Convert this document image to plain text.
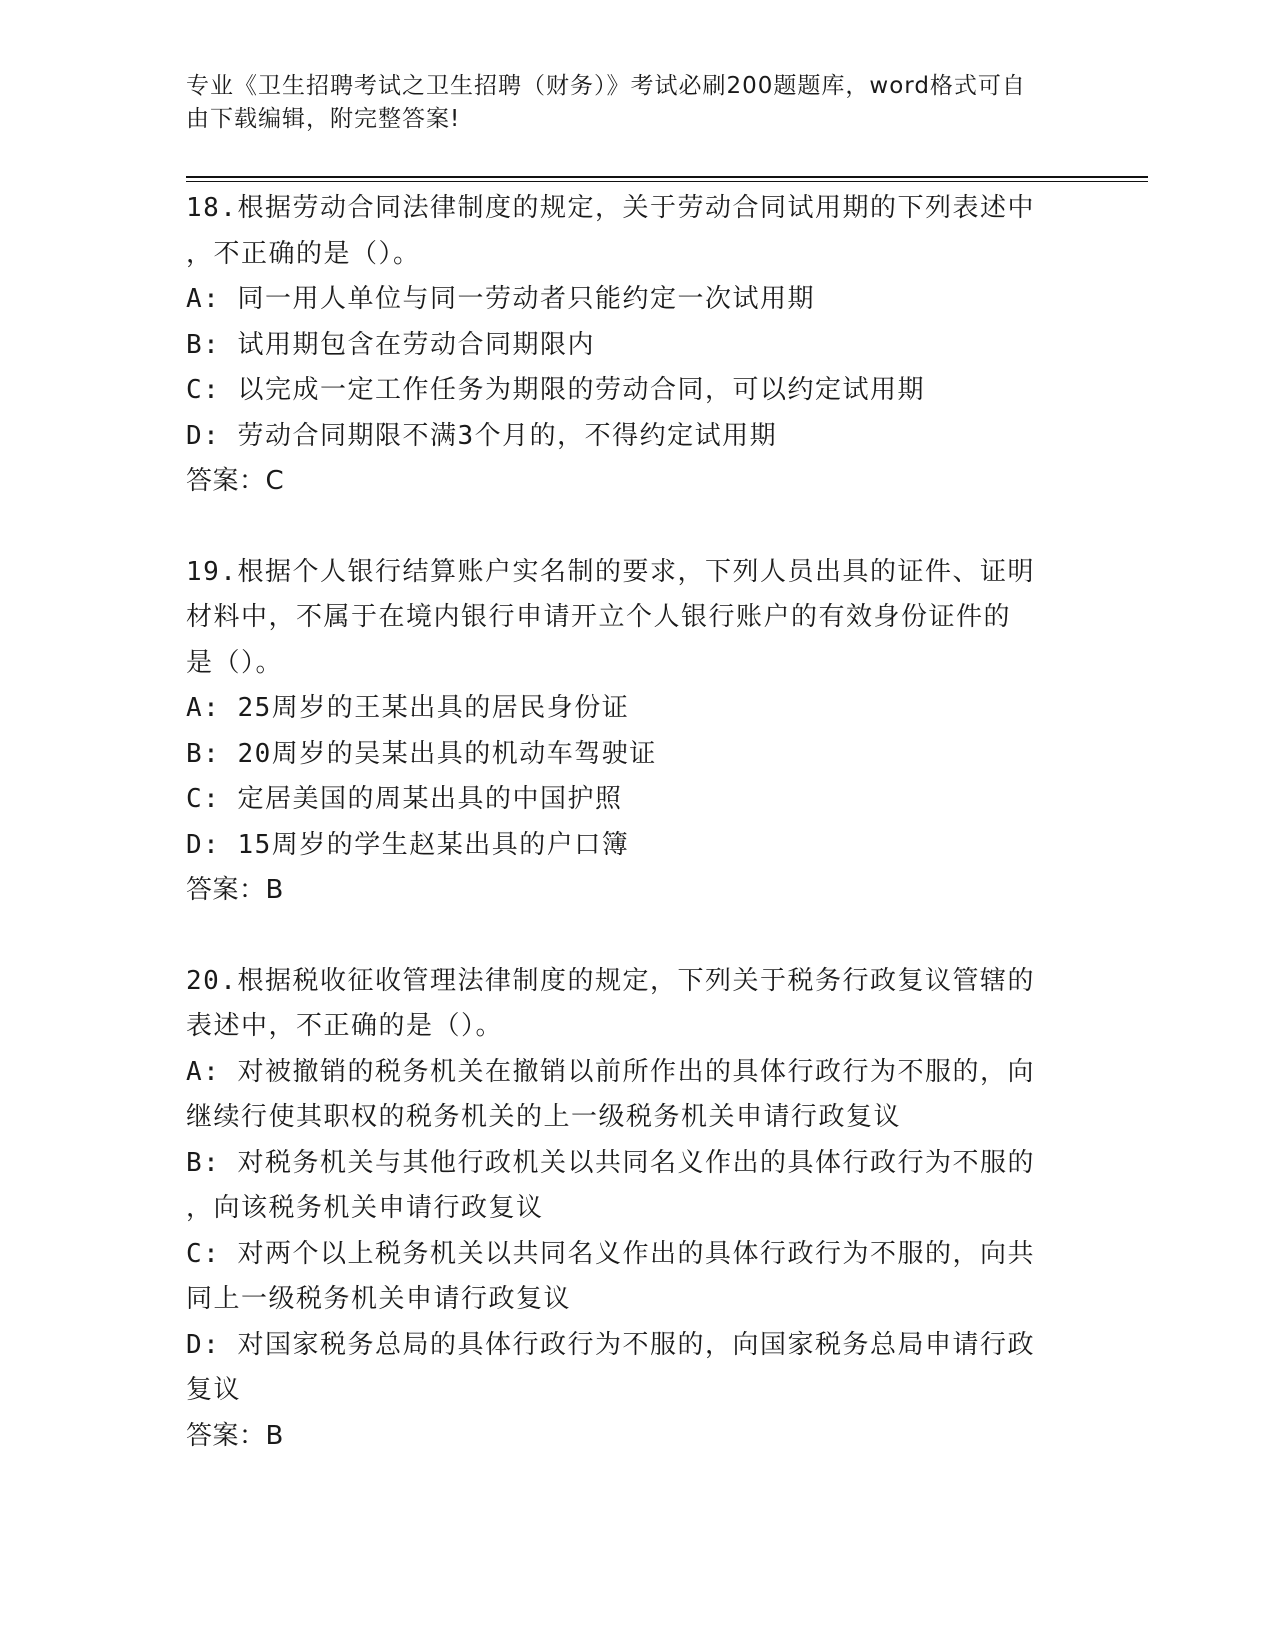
专业《卫生招聘考试之卫生招聘（财务）》考试必刷200题题库，word格式可自
由下载编辑，附完整答案!
18.根据劳动合同法律制度的规定，关于劳动合同试用期的下列表述中
，不正确的是（）。
A: 同一用人单位与同一劳动者只能约定一次试用期
B: 试用期包含在劳动合同期限内
C: 以完成一定工作任务为期限的劳动合同，可以约定试用期
D: 劳动合同期限不满3个月的，不得约定试用期
答案：C
19.根据个人银行结算账户实名制的要求，下列人员出具的证件、证明
材料中，不属于在境内银行申请开立个人银行账户的有效身份证件的
是（）。
A: 25周岁的王某出具的居民身份证
B: 20周岁的吴某出具的机动车驾驶证
C: 定居美国的周某出具的中国护照
D: 15周岁的学生赵某出具的户口簿
答案：B
20.根据税收征收管理法律制度的规定，下列关于税务行政复议管辖的
表述中，不正确的是（）。
A: 对被撤销的税务机关在撤销以前所作出的具体行政行为不服的，向
继续行使其职权的税务机关的上一级税务机关申请行政复议
B: 对税务机关与其他行政机关以共同名义作出的具体行政行为不服的
，向该税务机关申请行政复议
C: 对两个以上税务机关以共同名义作出的具体行政行为不服的，向共
同上一级税务机关申请行政复议
D: 对国家税务总局的具体行政行为不服的，向国家税务总局申请行政
复议
答案：B
